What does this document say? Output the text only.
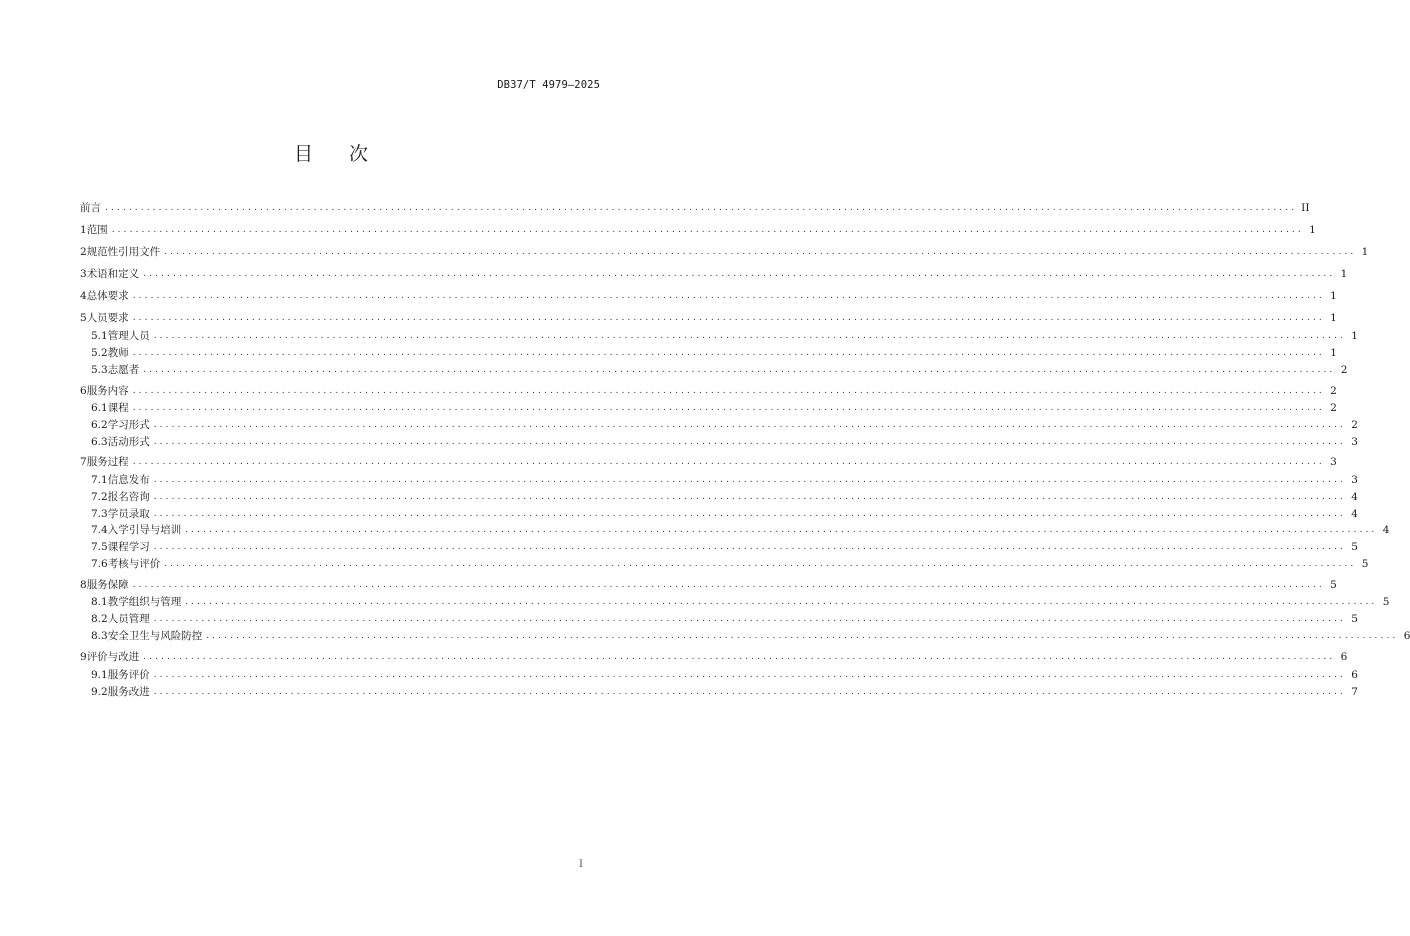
DB37/T 4979—2025
目 次
前言 ........................................................................................................................................................................................................ II
1 范围 ........................................................................................................................................................................................................ 1
2 规范性引用文件 ........................................................................................................................................................................................................ 1
3 术语和定义 ........................................................................................................................................................................................................ 1
4 总体要求 ........................................................................................................................................................................................................ 1
5 人员要求 ........................................................................................................................................................................................................ 1
5.1 管理人员 ........................................................................................................................................................................................................ 1
5.2 教师 ........................................................................................................................................................................................................ 1
5.3 志愿者 ........................................................................................................................................................................................................ 2
6 服务内容 ........................................................................................................................................................................................................ 2
6.1 课程 ........................................................................................................................................................................................................ 2
6.2 学习形式 ........................................................................................................................................................................................................ 2
6.3 活动形式 ........................................................................................................................................................................................................ 3
7 服务过程 ........................................................................................................................................................................................................ 3
7.1 信息发布 ........................................................................................................................................................................................................ 3
7.2 报名咨询 ........................................................................................................................................................................................................ 4
7.3 学员录取 ........................................................................................................................................................................................................ 4
7.4 入学引导与培训 ........................................................................................................................................................................................................ 4
7.5 课程学习 ........................................................................................................................................................................................................ 5
7.6 考核与评价 ........................................................................................................................................................................................................ 5
8 服务保障 ........................................................................................................................................................................................................ 5
8.1 教学组织与管理 ........................................................................................................................................................................................................ 5
8.2 人员管理 ........................................................................................................................................................................................................ 5
8.3 安全卫生与风险防控 ........................................................................................................................................................................................................ 6
9 评价与改进 ........................................................................................................................................................................................................ 6
9.1 服务评价 ........................................................................................................................................................................................................ 6
9.2 服务改进 ........................................................................................................................................................................................................ 7
I
